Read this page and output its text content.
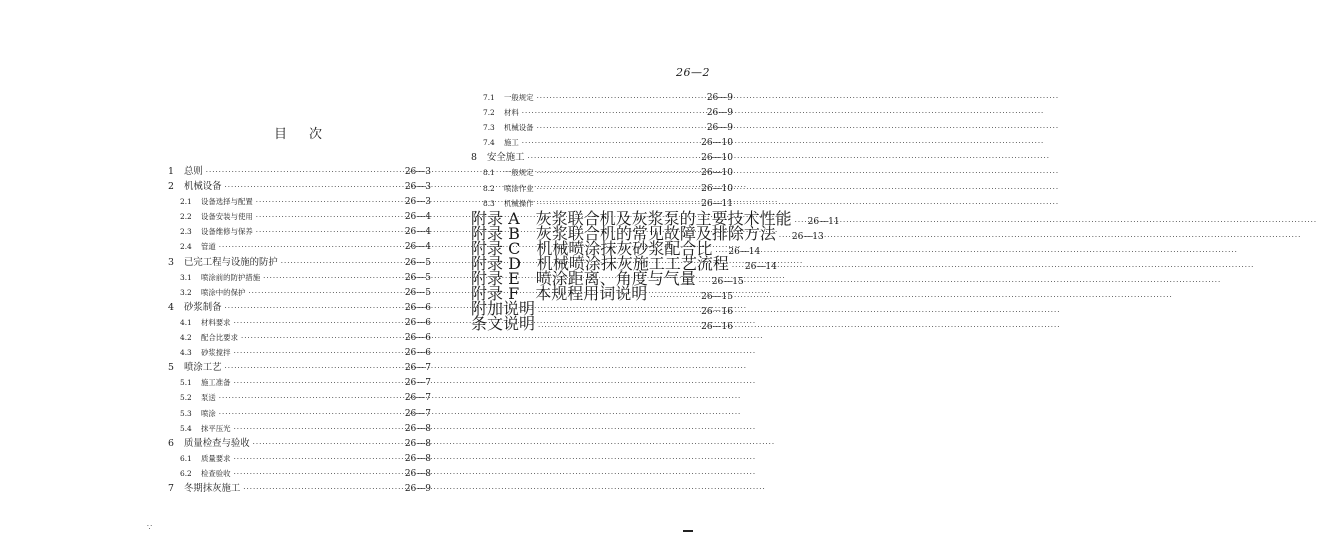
26—2
目次
1	总则 ·····	26—3
2	机械设备 ·····	26—3
2.1	设备选择与配置 ·····	26—3
2.2	设备安装与使用 ·····	26—4
2.3	设备维修与保养 ·····	26—4
2.4	管道 ·····	26—4
3	已完工程与设施的防护 ·····	26—5
3.1	喷涂前的防护措施 ·····	26—5
3.2	喷涂中的保护 ·····	26—5
4	砂浆制备 ·····	26—6
4.1	材料要求 ·····	26—6
4.2	配合比要求 ·····	26—6
4.3	砂浆搅拌 ·····	26—6
5	喷涂工艺 ·····	26—7
5.1	施工准备 ·····	26—7
5.2	泵送 ·····	26—7
5.3	喷涂 ·····	26—7
5.4	抹平压光 ·····	26—8
6	质量检查与验收 ·····	26—8
6.1	质量要求 ·····	26—8
6.2	检查验收 ·····	26—8
7	冬期抹灰施工 ·····	26—9
7.1	一般规定 ·····	26—9
7.2	材料 ·····	26—9
7.3	机械设备 ·····	26—9
7.4	施工 ·····	26—10
8	安全施工 ·····	26—10
8.1	一般规定 ·····	26—10
8.2	喷涂作业 ·····	26—10
8.3	机械操作 ·····	26—11
附录 A　灰浆联合机及灰浆泵的主要技术性能 ·····	26—11
附录 B　灰浆联合机的常见故障及排除方法 ·····	26—13
附录 C　机械喷涂抹灰砂浆配合比 ·····	26—14
附录 D　机械喷涂抹灰施工工艺流程 ·····	26—14
附录 E　喷涂距离、角度与气量 ·····	26—15
附录 F　本规程用词说明 ·····	26—15
附加说明 ·····	26－16
条文说明 ·····	26—16
∵
